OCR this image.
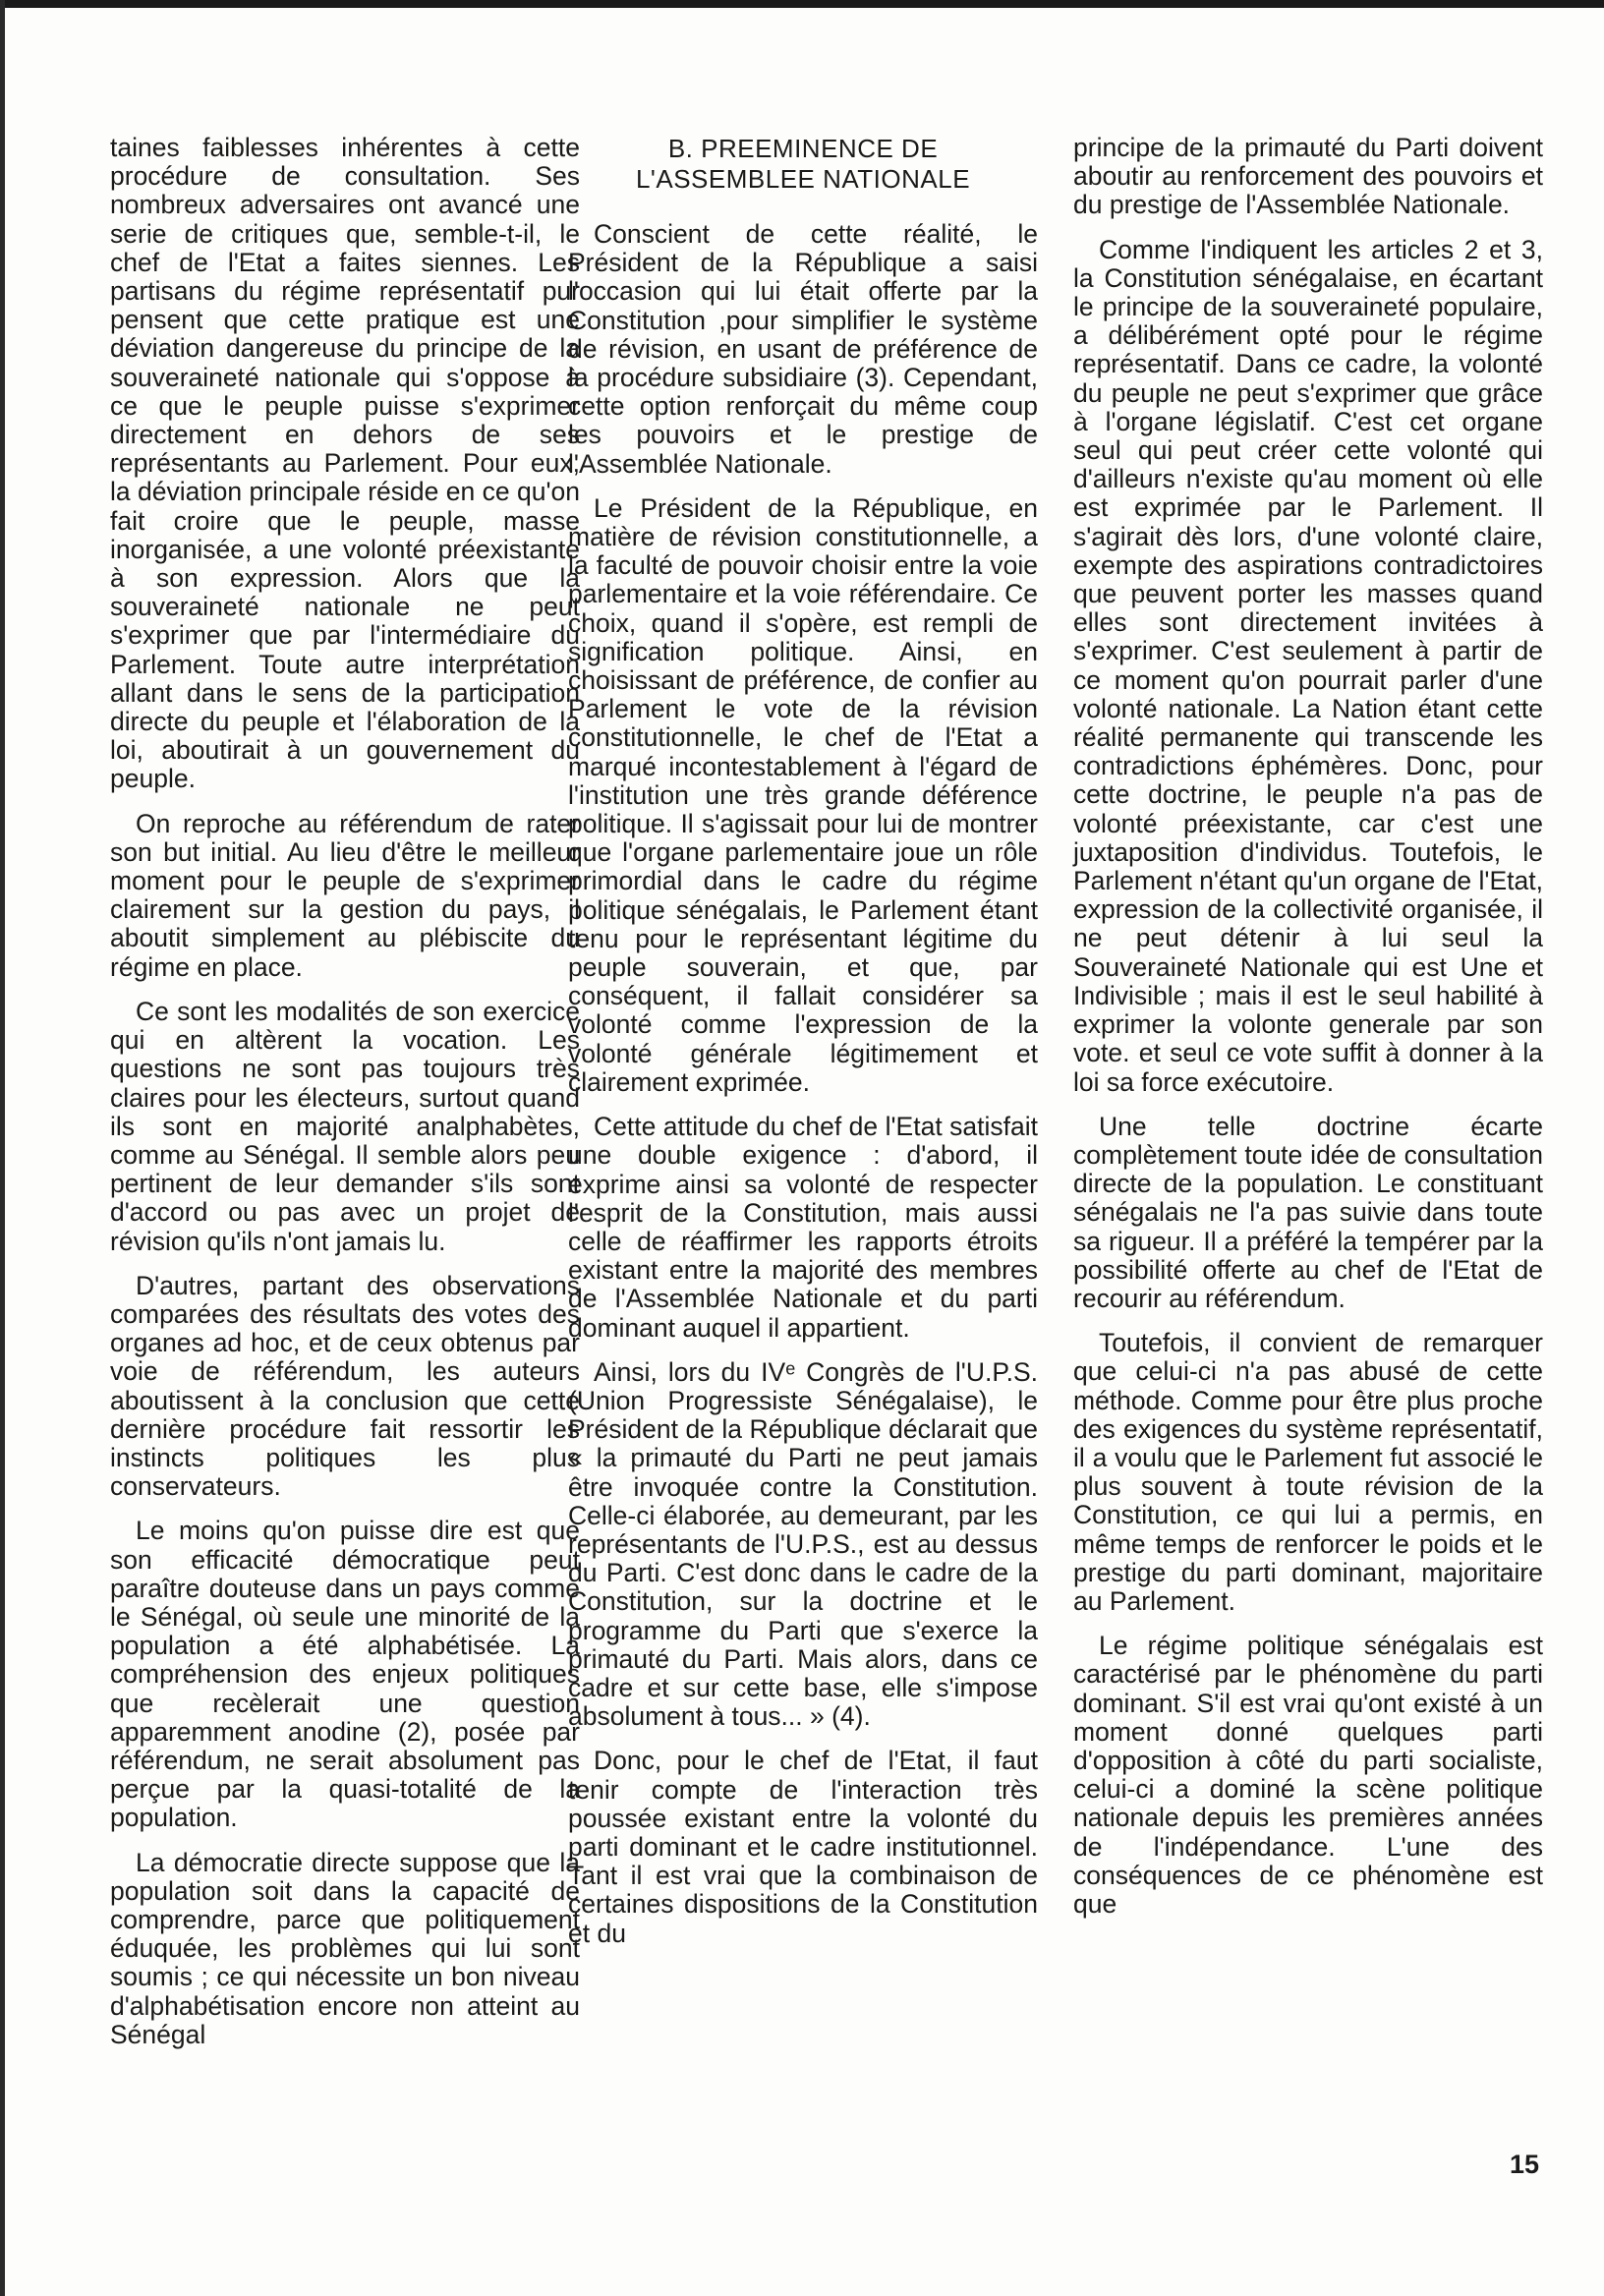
taines faiblesses inhérentes à cette procédure de consultation. Ses nombreux adversaires ont avancé une serie de critiques que, semble-t-il, le chef de l'Etat a faites siennes. Les partisans du régime représentatif pur pensent que cette pratique est une déviation dangereuse du principe de la souveraineté nationale qui s'oppose à ce que le peuple puisse s'exprimer directement en dehors de ses représentants au Parlement. Pour eux, la déviation principale réside en ce qu'on fait croire que le peuple, masse inorganisée, a une volonté préexistante à son expression. Alors que la souveraineté nationale ne peut s'exprimer que par l'intermédiaire du Parlement. Toute autre interprétation allant dans le sens de la participation directe du peuple et l'élaboration de la loi, aboutirait à un gouvernement du peuple.

On reproche au référendum de rater son but initial. Au lieu d'être le meilleur moment pour le peuple de s'exprimer clairement sur la gestion du pays, il aboutit simplement au plébiscite du régime en place.

Ce sont les modalités de son exercice qui en altèrent la vocation. Les questions ne sont pas toujours très claires pour les électeurs, surtout quand ils sont en majorité analphabètes, comme au Sénégal. Il semble alors peu pertinent de leur demander s'ils sont d'accord ou pas avec un projet de révision qu'ils n'ont jamais lu.

D'autres, partant des observations comparées des résultats des votes des organes ad hoc, et de ceux obtenus par voie de référendum, les auteurs aboutissent à la conclusion que cette dernière procédure fait ressortir les instincts politiques les plus conservateurs.

Le moins qu'on puisse dire est que son efficacité démocratique peut paraître douteuse dans un pays comme le Sénégal, où seule une minorité de la population a été alphabétisée. La compréhension des enjeux politiques que recèlerait une question apparemment anodine (2), posée par référendum, ne serait absolument pas perçue par la quasi-totalité de la population.

La démocratie directe suppose que la population soit dans la capacité de comprendre, parce que politiquement éduquée, les problèmes qui lui sont soumis ; ce qui nécessite un bon niveau d'alphabétisation encore non atteint au Sénégal

B. PREEMINENCE DE
L'ASSEMBLEE NATIONALE

Conscient de cette réalité, le Président de la République a saisi l'occasion qui lui était offerte par la Constitution ,pour simplifier le système de révision, en usant de préférence de la procédure subsidiaire (3). Cependant, cette option renforçait du même coup les pouvoirs et le prestige de l'Assemblée Nationale.

Le Président de la République, en matière de révision constitutionnelle, a la faculté de pouvoir choisir entre la voie parlementaire et la voie référendaire. Ce choix, quand il s'opère, est rempli de signification politique. Ainsi, en choisissant de préférence, de confier au Parlement le vote de la révision constitutionnelle, le chef de l'Etat a marqué incontestablement à l'égard de l'institution une très grande déférence politique. Il s'agissait pour lui de montrer que l'organe parlementaire joue un rôle primordial dans le cadre du régime politique sénégalais, le Parlement étant tenu pour le représentant légitime du peuple souverain, et que, par conséquent, il fallait considérer sa volonté comme l'expression de la volonté générale légitimement et clairement exprimée.

Cette attitude du chef de l'Etat satisfait une double exigence : d'abord, il exprime ainsi sa volonté de respecter l'esprit de la Constitution, mais aussi celle de réaffirmer les rapports étroits existant entre la majorité des membres de l'Assemblée Nationale et du parti dominant auquel il appartient.

Ainsi, lors du IVᵉ Congrès de l'U.P.S. (Union Progressiste Sénégalaise), le Président de la République déclarait que « la primauté du Parti ne peut jamais être invoquée contre la Constitution. Celle-ci élaborée, au demeurant, par les représentants de l'U.P.S., est au dessus du Parti. C'est donc dans le cadre de la Constitution, sur la doctrine et le programme du Parti que s'exerce la primauté du Parti. Mais alors, dans ce cadre et sur cette base, elle s'impose absolument à tous... » (4).

Donc, pour le chef de l'Etat, il faut tenir compte de l'interaction très poussée existant entre la volonté du parti dominant et le cadre institutionnel. Tant il est vrai que la combinaison de certaines dispositions de la Constitution et du

principe de la primauté du Parti doivent aboutir au renforcement des pouvoirs et du prestige de l'Assemblée Nationale.

Comme l'indiquent les articles 2 et 3, la Constitution sénégalaise, en écartant le principe de la souveraineté populaire, a délibérément opté pour le régime représentatif. Dans ce cadre, la volonté du peuple ne peut s'exprimer que grâce à l'organe législatif. C'est cet organe seul qui peut créer cette volonté qui d'ailleurs n'existe qu'au moment où elle est exprimée par le Parlement. Il s'agirait dès lors, d'une volonté claire, exempte des aspirations contradictoires que peuvent porter les masses quand elles sont directement invitées à s'exprimer. C'est seulement à partir de ce moment qu'on pourrait parler d'une volonté nationale. La Nation étant cette réalité permanente qui transcende les contradictions éphémères. Donc, pour cette doctrine, le peuple n'a pas de volonté préexistante, car c'est une juxtaposition d'individus. Toutefois, le Parlement n'étant qu'un organe de l'Etat, expression de la collectivité organisée, il ne peut détenir à lui seul la Souveraineté Nationale qui est Une et Indivisible ; mais il est le seul habilité à exprimer la volonte generale par son vote. et seul ce vote suffit à donner à la loi sa force exécutoire.

Une telle doctrine écarte complètement toute idée de consultation directe de la population. Le constituant sénégalais ne l'a pas suivie dans toute sa rigueur. Il a préféré la tempérer par la possibilité offerte au chef de l'Etat de recourir au référendum.

Toutefois, il convient de remarquer que celui-ci n'a pas abusé de cette méthode. Comme pour être plus proche des exigences du système représentatif, il a voulu que le Parlement fut associé le plus souvent à toute révision de la Constitution, ce qui lui a permis, en même temps de renforcer le poids et le prestige du parti dominant, majoritaire au Parlement.

Le régime politique sénégalais est caractérisé par le phénomène du parti dominant. S'il est vrai qu'ont existé à un moment donné quelques parti d'opposition à côté du parti socialiste, celui-ci a dominé la scène politique nationale depuis les premières années de l'indépendance. L'une des conséquences de ce phénomène est que

15
